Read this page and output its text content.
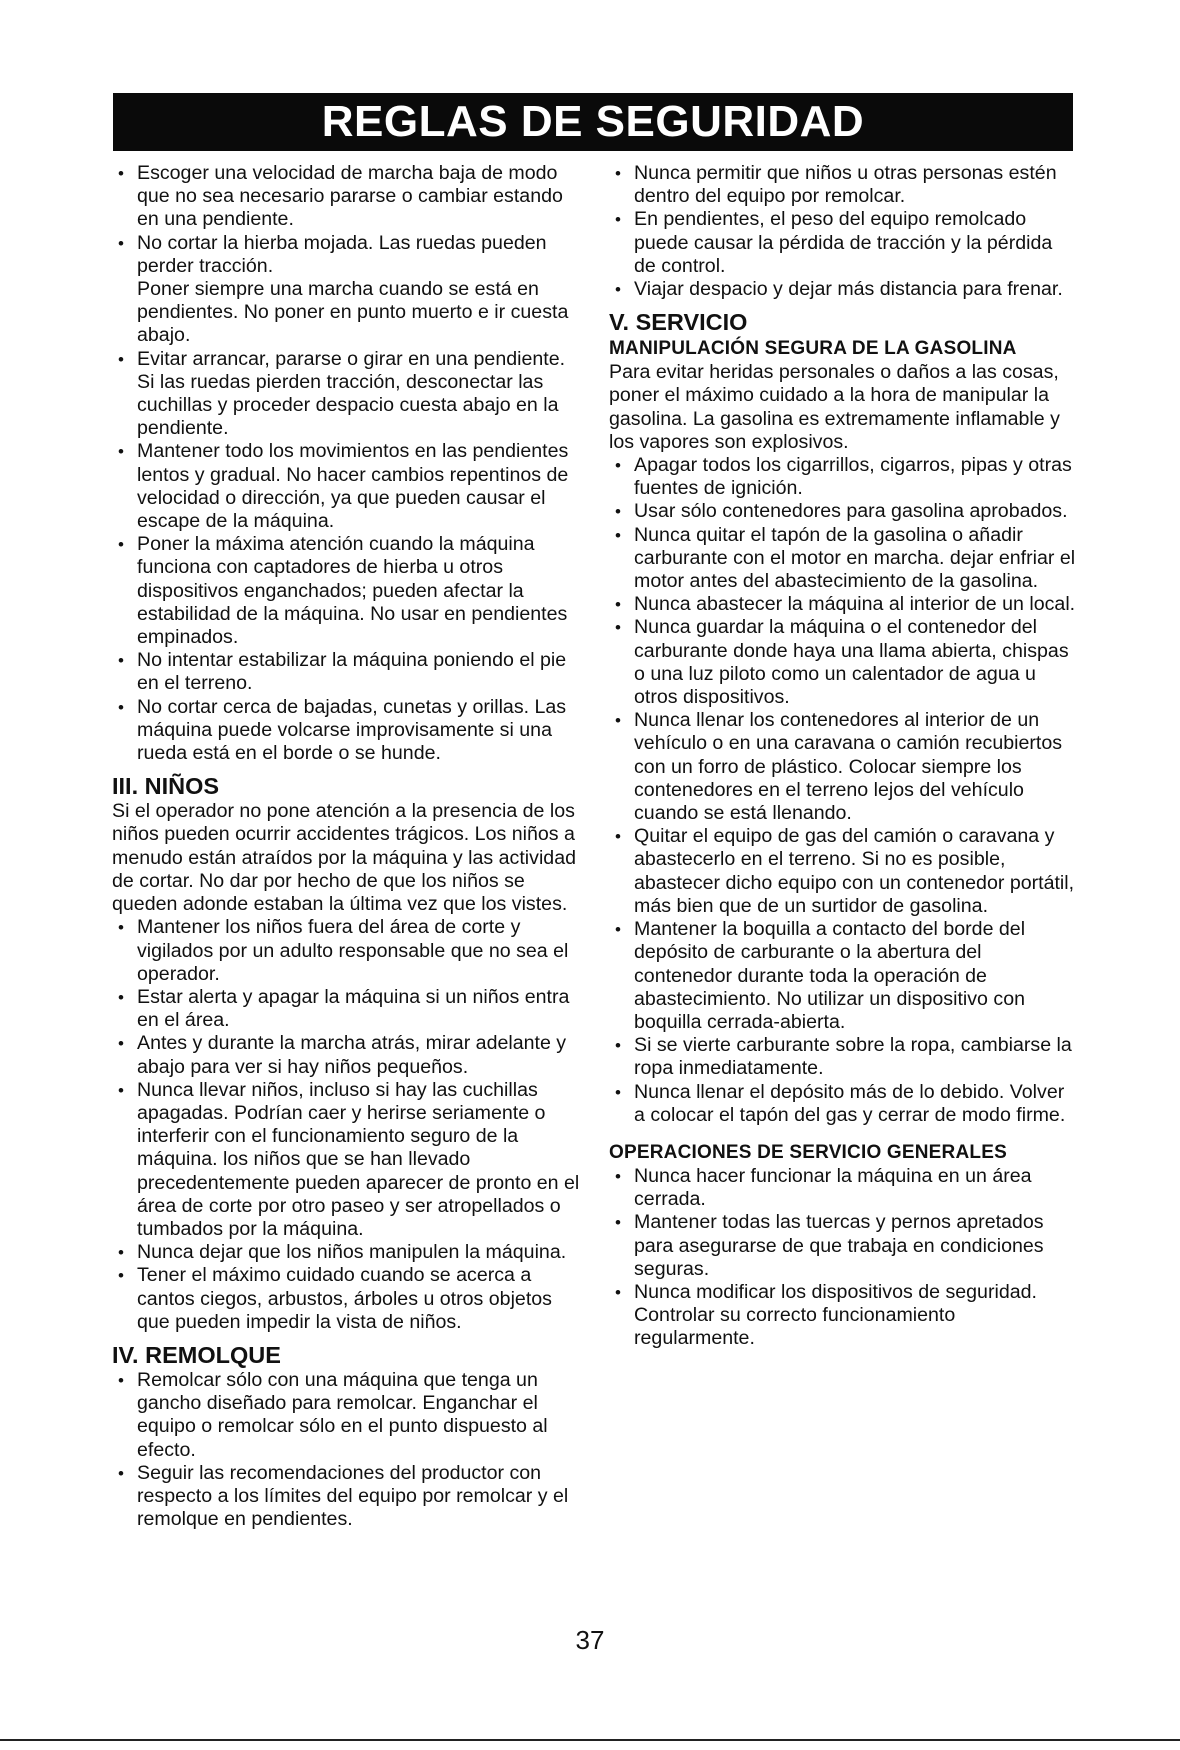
REGLAS DE SEGURIDAD
• Escoger una velocidad de marcha baja de modo que no sea necesario pararse o cambiar estando en una pendiente.
• No cortar la hierba mojada. Las ruedas pueden perder tracción.

Poner siempre una marcha cuando se está en pendientes. No poner en punto muerto e ir cuesta abajo.

• Evitar arrancar, pararse o girar en una pendiente. Si las ruedas pierden tracción, desconectar las cuchillas y proceder despacio cuesta abajo en la pendiente.
• Mantener todo los movimientos en las pendientes lentos y gradual. No hacer cambios repentinos de velocidad o dirección, ya que pueden causar el escape de la máquina.
• Poner la máxima atención cuando la máquina funciona con captadores de hierba u otros dispositivos enganchados; pueden afectar la estabilidad de la máquina. No usar en pendientes empinados.
• No intentar estabilizar la máquina poniendo el pie en el terreno.
• No cortar cerca de bajadas, cunetas y orillas. Las máquina puede volcarse improvisamente si una rueda está en el borde o se hunde.
III. NIÑOS

Si el operador no pone atención a la presencia de los niños pueden ocurrir accidentes trágicos. Los niños a menudo están atraídos por la máquina y las actividad de cortar. No dar por hecho de que los niños se queden adonde estaban la última vez que los vistes.

• Mantener los niños fuera del área de corte y vigilados por un adulto responsable que no sea el operador.
• Estar alerta y apagar la máquina si un niños entra en el área.
• Antes y durante la marcha atrás, mirar adelante y abajo para ver si hay niños pequeños.
• Nunca llevar niños, incluso si hay las cuchillas apagadas. Podrían caer y herirse seriamente o interferir con el funcionamiento seguro de la máquina. los niños que se han llevado precedentemente pueden aparecer de pronto en el área de corte por otro paseo y ser atropellados o tumbados por la máquina.
• Nunca dejar que los niños manipulen la máquina.
• Tener el máximo cuidado cuando se acerca a cantos ciegos, arbustos, árboles u otros objetos que pueden impedir la vista de niños.
IV. REMOLQUE
• Remolcar sólo con una máquina que tenga un gancho diseñado para remolcar. Enganchar el equipo o remolcar sólo en el punto dispuesto al efecto.
• Seguir las recomendaciones del productor con respecto a los límites del equipo por remolcar y el remolque en pendientes.
• Nunca permitir que niños u otras personas estén dentro del equipo por remolcar.
• En pendientes, el peso del equipo remolcado puede causar la pérdida de tracción y la pérdida de control.
• Viajar despacio y dejar más distancia para frenar.
V. SERVICIO
MANIPULACIÓN SEGURA DE LA GASOLINA

Para evitar heridas personales o daños a las cosas, poner el máximo cuidado a la hora de manipular la gasolina. La gasolina es extremamente inflamable y los vapores son explosivos.

• Apagar todos los cigarrillos, cigarros, pipas y otras fuentes de ignición.
• Usar sólo contenedores para gasolina aprobados.
• Nunca quitar el tapón de la gasolina o añadir carburante con el motor en marcha. dejar enfriar el motor antes del abastecimiento de la gasolina.
• Nunca abastecer la máquina al interior de un local.
• Nunca guardar la máquina o el contenedor del carburante donde haya una llama abierta, chispas o una luz piloto como un calentador de agua u otros dispositivos.
• Nunca llenar los contenedores al interior de un vehículo o en una caravana o camión recubiertos con un forro de plástico. Colocar siempre los contenedores en el terreno lejos del vehículo cuando se está llenando.
• Quitar el equipo de gas del camión o caravana y abastecerlo en el terreno. Si no es posible, abastecer dicho equipo con un contenedor portátil, más bien que de un surtidor de gasolina.
• Mantener la boquilla a contacto del borde del depósito de carburante o la abertura del contenedor durante toda la operación de abastecimiento. No utilizar un dispositivo con boquilla cerrada-abierta.
• Si se vierte carburante sobre la ropa, cambiarse la ropa inmediatamente.
• Nunca llenar el depósito más de lo debido. Volver a colocar el tapón del gas y cerrar de modo firme.
OPERACIONES DE SERVICIO GENERALES
• Nunca hacer funcionar la máquina en un área cerrada.
• Mantener todas las tuercas y pernos apretados para asegurarse de que trabaja en condiciones seguras.
• Nunca modificar los dispositivos de seguridad. Controlar su correcto funcionamiento regularmente.
37
